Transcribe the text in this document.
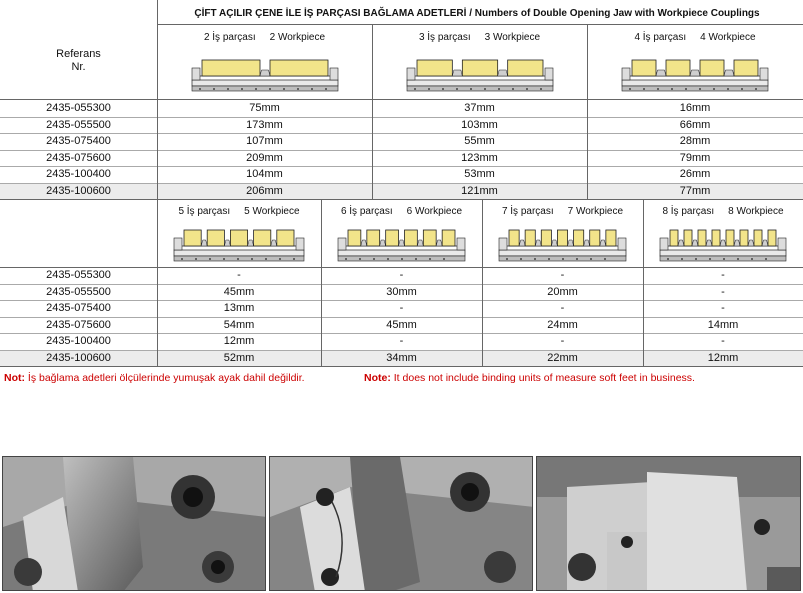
ÇİFT AÇILIR ÇENE İLE İŞ PARÇASI BAĞLAMA ADETLERİ / Numbers of Double Opening Jaw with Workpiece Couplings
Referans
Nr.
2 İş parçası 2 Workpiece	3 İş parçası 3 Workpiece	4 İş parçası 4 Workpiece
2435-055300	75mm	37mm	16mm
2435-055500	173mm	103mm	66mm
2435-075400	107mm	55mm	28mm
2435-075600	209mm	123mm	79mm
2435-100400	104mm	53mm	26mm
2435-100600	206mm	121mm	77mm
5 İş parçası 5 Workpiece	6 İş parçası 6 Workpiece	7 İş parçası 7 Workpiece	8 İş parçası 8 Workpiece
2435-055300	-	-	-	-
2435-055500	45mm	30mm	20mm	-
2435-075400	13mm	-	-	-
2435-075600	54mm	45mm	24mm	14mm
2435-100400	12mm	-	-	-
2435-100600	52mm	34mm	22mm	12mm
Not: İş bağlama adetleri ölçülerinde yumuşak ayak dahil değildir.	Note: It does not include binding units of measure soft feet in business.
